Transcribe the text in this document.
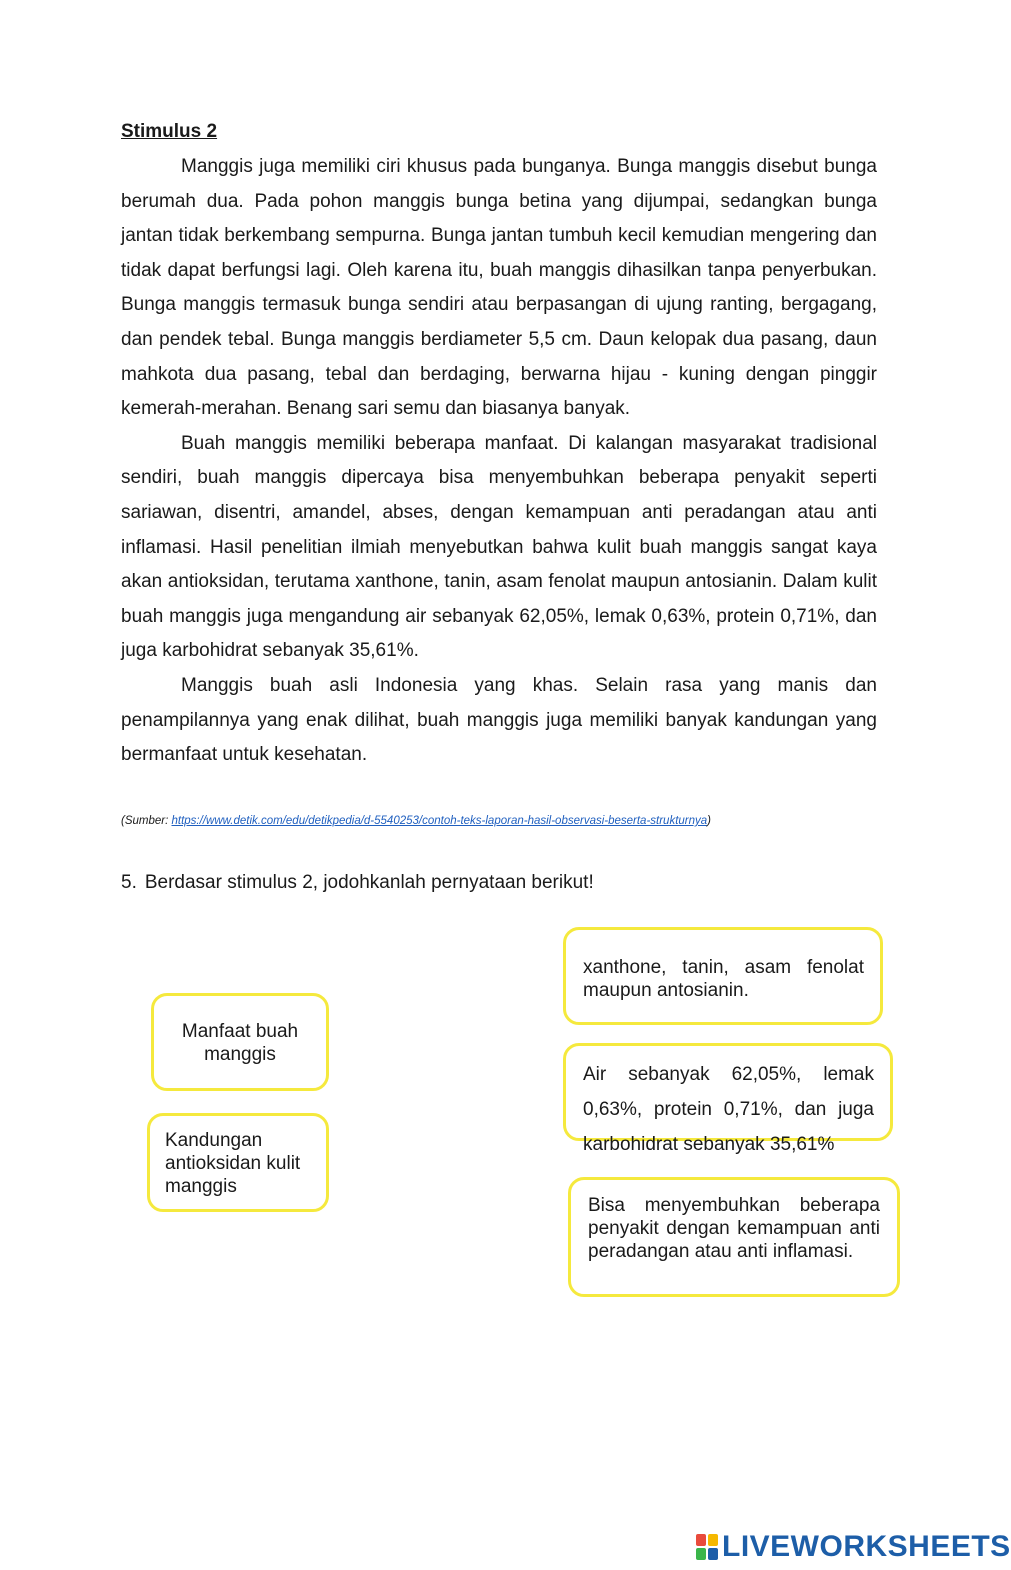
Stimulus 2

Manggis juga memiliki ciri khusus pada bunganya. Bunga manggis disebut bunga berumah dua. Pada pohon manggis bunga betina yang dijumpai, sedangkan bunga jantan tidak berkembang sempurna. Bunga jantan tumbuh kecil kemudian mengering dan tidak dapat berfungsi lagi. Oleh karena itu, buah manggis dihasilkan tanpa penyerbukan. Bunga manggis termasuk bunga sendiri atau berpasangan di ujung ranting, bergagang, dan pendek tebal. Bunga manggis berdiameter 5,5 cm. Daun kelopak dua pasang, daun mahkota dua pasang, tebal dan berdaging, berwarna hijau - kuning dengan pinggir kemerah-merahan. Benang sari semu dan biasanya banyak.

Buah manggis memiliki beberapa manfaat. Di kalangan masyarakat tradisional sendiri, buah manggis dipercaya bisa menyembuhkan beberapa penyakit seperti sariawan, disentri, amandel, abses, dengan kemampuan anti peradangan atau anti inflamasi. Hasil penelitian ilmiah menyebutkan bahwa kulit buah manggis sangat kaya akan antioksidan, terutama xanthone, tanin, asam fenolat maupun antosianin. Dalam kulit buah manggis juga mengandung air sebanyak 62,05%, lemak 0,63%, protein 0,71%, dan juga karbohidrat sebanyak 35,61%.

Manggis buah asli Indonesia yang khas. Selain rasa yang manis dan penampilannya yang enak dilihat, buah manggis juga memiliki banyak kandungan yang bermanfaat untuk kesehatan.

(Sumber: https://www.detik.com/edu/detikpedia/d-5540253/contoh-teks-laporan-hasil-observasi-beserta-strukturnya)
5. Berdasar stimulus 2, jodohkanlah pernyataan berikut!
Manfaat buah manggis
Kandungan antioksidan kulit manggis
xanthone, tanin, asam fenolat maupun antosianin.
Air sebanyak 62,05%, lemak 0,63%, protein 0,71%, dan juga karbohidrat sebanyak 35,61%
Bisa menyembuhkan beberapa penyakit dengan kemampuan anti peradangan atau anti inflamasi.
LIVEWORKSHEETS
